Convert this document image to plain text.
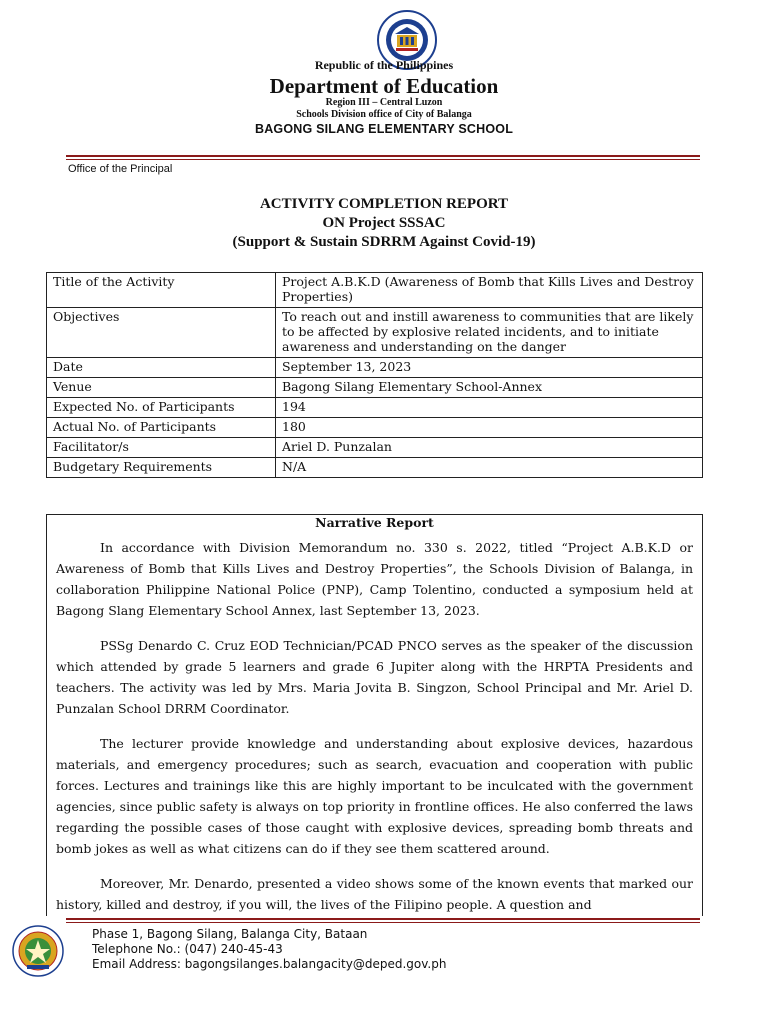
Republic of the Philippines
Department of Education
Region III – Central Luzon
Schools Division office of City of Balanga
BAGONG SILANG ELEMENTARY SCHOOL
Office of the Principal
ACTIVITY COMPLETION REPORT
ON Project SSSAC
(Support & Sustain SDRRM Against Covid-19)
Title of the Activity	Project A.B.K.D (Awareness of Bomb that Kills Lives and Destroy Properties)
Objectives	To reach out and instill awareness to communities that are likely to be affected by explosive related incidents, and to initiate awareness and understanding on the danger
Date	September 13, 2023
Venue	Bagong Silang Elementary School-Annex
Expected No. of Participants	194
Actual No. of Participants	180
Facilitator/s	Ariel D. Punzalan
Budgetary Requirements	N/A
Narrative Report

In accordance with Division Memorandum no. 330 s. 2022, titled “Project A.B.K.D or Awareness of Bomb that Kills Lives and Destroy Properties”, the Schools Division of Balanga, in collaboration Philippine National Police (PNP), Camp Tolentino, conducted a symposium held at Bagong Slang Elementary School Annex, last September 13, 2023.

PSSg Denardo C. Cruz EOD Technician/PCAD PNCO serves as the speaker of the discussion which attended by grade 5 learners and grade 6 Jupiter along with the HRPTA Presidents and teachers. The activity was led by Mrs. Maria Jovita B. Singzon, School Principal and Mr. Ariel D. Punzalan School DRRM Coordinator.

The lecturer provide knowledge and understanding about explosive devices, hazardous materials, and emergency procedures; such as search, evacuation and cooperation with public forces. Lectures and trainings like this are highly important to be inculcated with the government agencies, since public safety is always on top priority in frontline offices. He also conferred the laws regarding the possible cases of those caught with explosive devices, spreading bomb threats and bomb jokes as well as what citizens can do if they see them scattered around.

Moreover, Mr. Denardo, presented a video shows some of the known events that marked our history, killed and destroy, if you will, the lives of the Filipino people. A question and

Phase 1, Bagong Silang, Balanga City, Bataan
Telephone No.: (047) 240-45-43
Email Address: bagongsilanges.balangacity@deped.gov.ph
